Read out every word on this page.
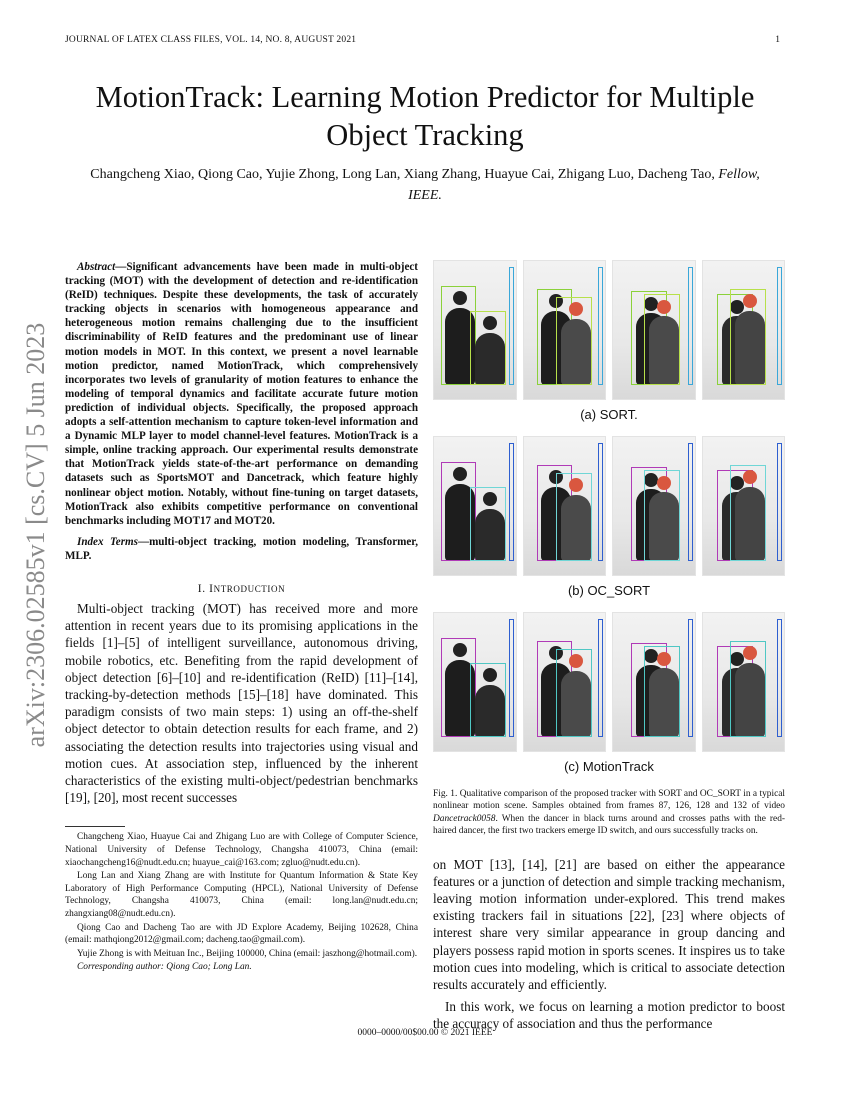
JOURNAL OF LATEX CLASS FILES, VOL. 14, NO. 8, AUGUST 2021	1
arXiv:2306.02585v1 [cs.CV] 5 Jun 2023
MotionTrack: Learning Motion Predictor for Multiple Object Tracking
Changcheng Xiao, Qiong Cao, Yujie Zhong, Long Lan, Xiang Zhang, Huayue Cai, Zhigang Luo, Dacheng Tao, Fellow, IEEE.

Abstract—Significant advancements have been made in multi-object tracking (MOT) with the development of detection and re-identification (ReID) techniques. Despite these developments, the task of accurately tracking objects in scenarios with homogeneous appearance and heterogeneous motion remains challenging due to the insufficient discriminability of ReID features and the predominant use of linear motion models in MOT. In this context, we present a novel learnable motion predictor, named MotionTrack, which comprehensively incorporates two levels of granularity of motion features to enhance the modeling of temporal dynamics and facilitate accurate future motion prediction of individual objects. Specifically, the proposed approach adopts a self-attention mechanism to capture token-level information and a Dynamic MLP layer to model channel-level features. MotionTrack is a simple, online tracking approach. Our experimental results demonstrate that MotionTrack yields state-of-the-art performance on demanding datasets such as SportsMOT and Dancetrack, which feature highly nonlinear object motion. Notably, without fine-tuning on target datasets, MotionTrack also exhibits competitive performance on conventional benchmarks including MOT17 and MOT20.

Index Terms—multi-object tracking, motion modeling, Transformer, MLP.

I. INTRODUCTION

Multi-object tracking (MOT) has received more and more attention in recent years due to its promising applications in the fields [1]–[5] of intelligent surveillance, autonomous driving, mobile robotics, etc. Benefiting from the rapid development of object detection [6]–[10] and re-identification (ReID) [11]–[14], tracking-by-detection methods [15]–[18] have dominated. This paradigm consists of two main steps: 1) using an off-the-shelf object detector to obtain detection results for each frame, and 2) associating the detection results into trajectories using visual and motion cues. At association step, influenced by the inherent characteristics of the existing multi-object/pedestrian benchmarks [19], [20], most recent successes

Changcheng Xiao, Huayue Cai and Zhigang Luo are with College of Computer Science, National University of Defense Technology, Changsha 410073, China (email: xiaochangcheng16@nudt.edu.cn; huayue_cai@163.com; zgluo@nudt.edu.cn).

Long Lan and Xiang Zhang are with Institute for Quantum Information & State Key Laboratory of High Performance Computing (HPCL), National University of Defense Technology, Changsha 410073, China (email: long.lan@nudt.edu.cn; zhangxiang08@nudt.edu.cn).

Qiong Cao and Dacheng Tao are with JD Explore Academy, Beijing 102628, China (email: mathqiong2012@gmail.com; dacheng.tao@gmail.com).

Yujie Zhong is with Meituan Inc., Beijing 100000, China (email: jaszhong@hotmail.com).

Corresponding author: Qiong Cao; Long Lan.

(a) SORT.
(b) OC_SORT
(c) MotionTrack

Fig. 1. Qualitative comparison of the proposed tracker with SORT and OC_SORT in a typical nonlinear motion scene. Samples obtained from frames 87, 126, 128 and 132 of video Dancetrack0058. When the dancer in black turns around and crosses paths with the red-haired dancer, the first two trackers emerge ID switch, and ours successfully tracks on.

on MOT [13], [14], [21] are based on either the appearance features or a junction of detection and simple tracking mechanism, leaving motion information under-explored. This trend makes existing trackers fail in situations [22], [23] where objects of interest share very similar appearance in group dancing and players possess rapid motion in sports scenes. It inspires us to take motion cues into modeling, which is critical to associate detection results accurately and efficiently.

In this work, we focus on learning a motion predictor to boost the accuracy of association and thus the performance

0000–0000/00$00.00 © 2021 IEEE
